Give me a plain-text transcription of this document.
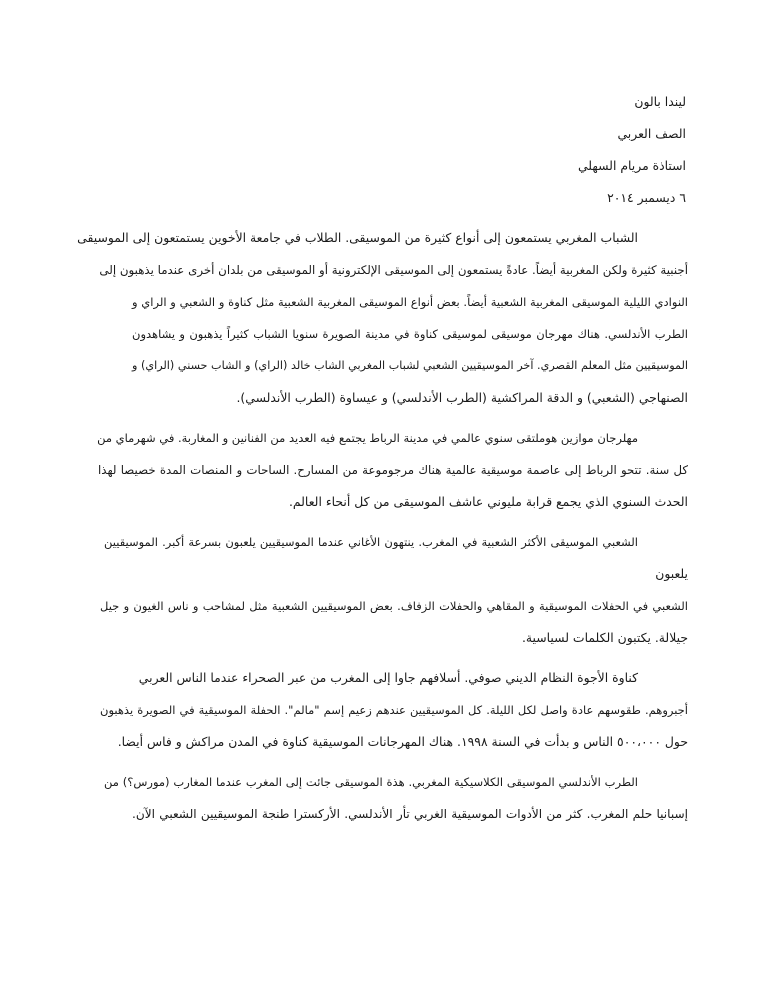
ليندا بالون
الصف العربي
استاذة مريام السهلي
٦ ديسمبر ٢٠١٤
الشباب المغربي يستمعون إلى أنواع كثيرة من الموسيقى. الطلاب في جامعة الأخوين يستمتعون إلى الموسيقى
أجنبية كثيرة ولكن المغربية أيضاً. عادةً يستمعون إلى الموسيقى الإلكترونية أو الموسيقى من بلدان أخرى عندما يذهبون إلى
النوادي الليلية الموسيقى المغربية الشعبية أيضاً. بعض أنواع الموسيقى المغربية الشعبية مثل كناوة و الشعبي و الراي و
الطرب الأندلسي. هناك مهرجان موسيقى لموسيقى كناوة في مدينة الصويرة سنويا الشباب كثيراً يذهبون و يشاهدون
الموسيقيين مثل المعلم القصري. آخر الموسيقيين الشعبي لشباب المغربي الشاب خالد (الراي) و الشاب حسني (الراي) و
الصنهاجي (الشعبي) و الدقة المراكشية (الطرب الأندلسي) و عيساوة (الطرب الأندلسي).
مهلرجان موازين هوملتقى سنوي عالمي في مدينة الرباط يجتمع فيه العديد من الفنانين و المغاربة. في شهرماي من
كل سنة. تتحو الرباط إلى عاصمة موسيقية عالمية هناك مرجوموعة من المسارح. الساحات و المنصات المدة خصيصا لهذا
الحدث السنوي الذي يجمع قرابة مليوني عاشف الموسيقى من كل أنحاء العالم.
الشعبي الموسيقى الأكثر الشعبية في المغرب. ينتهون الأغاني عندما الموسيقيين يلعبون بسرعة أكبر. الموسيقيين
يلعبون
الشعبي في الحفلات الموسيقية و المقاهي والحفلات الزفاف. بعض الموسيقيين الشعبية مثل لمشاحب و ناس الغيون و جيل
جيلالة. يكتبون الكلمات لسياسية.
كناوة الأجوة النظام الديني صوفي. أسلافهم جاوا إلى المغرب من عبر الصحراء عندما الناس العربي
أجبروهم. طقوسهم عادة واصل لكل الليلة. كل الموسيقيين عندهم زعيم إسم "مالم". الحفلة الموسيقية في الصويرة يذهبون
حول ٥٠٠،٠٠٠ الناس و بدأت في السنة ١٩٩٨. هناك المهرجانات الموسيقية كناوة في المدن مراكش و فاس أيضا.
الطرب الأندلسي الموسيقى الكلاسيكية المغربي. هذة الموسيقى جائت إلى المغرب عندما المغارب (مورس؟) من
إسبانيا حلم المغرب. كثر من الأدوات الموسيقية الغربي تأر الأندلسي. الأركسترا طنجة الموسيقيين الشعبي الآن.
